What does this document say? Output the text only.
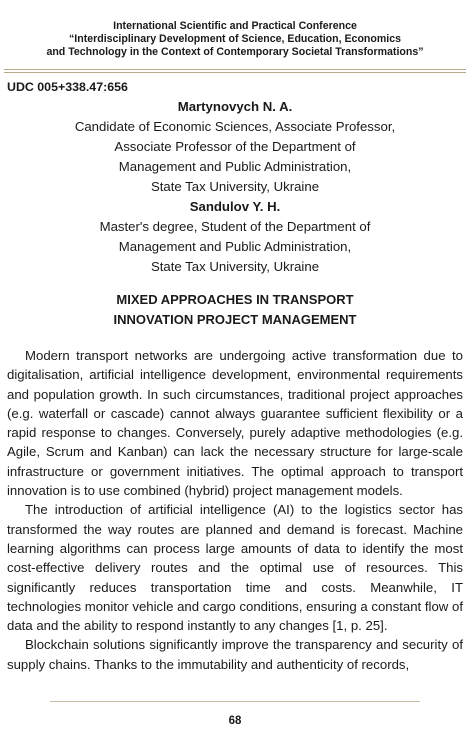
International Scientific and Practical Conference
“Interdisciplinary Development of Science, Education, Economics
and Technology in the Context of Contemporary Societal Transformations”
UDC 005+338.47:656
Martynovych N. A.
Candidate of Economic Sciences, Associate Professor,
Associate Professor of the Department of
Management and Public Administration,
State Tax University, Ukraine
Sandulov Y. H.
Master's degree, Student of the Department of
Management and Public Administration,
State Tax University, Ukraine
MIXED APPROACHES IN TRANSPORT
INNOVATION PROJECT MANAGEMENT

Modern transport networks are undergoing active transformation due to digitalisation, artificial intelligence development, environmental requirements and population growth. In such circumstances, traditional project approaches (e.g. waterfall or cascade) cannot always guarantee sufficient flexibility or a rapid response to changes. Conversely, purely adaptive methodologies (e.g. Agile, Scrum and Kanban) can lack the necessary structure for large-scale infrastructure or government initiatives. The optimal approach to transport innovation is to use combined (hybrid) project management models.

The introduction of artificial intelligence (AI) to the logistics sector has transformed the way routes are planned and demand is forecast. Machine learning algorithms can process large amounts of data to identify the most cost-effective delivery routes and the optimal use of resources. This significantly reduces transportation time and costs. Meanwhile, IT technologies monitor vehicle and cargo conditions, ensuring a constant flow of data and the ability to respond instantly to any changes [1, p. 25].

Blockchain solutions significantly improve the transparency and security of supply chains. Thanks to the immutability and authenticity of records,

68
